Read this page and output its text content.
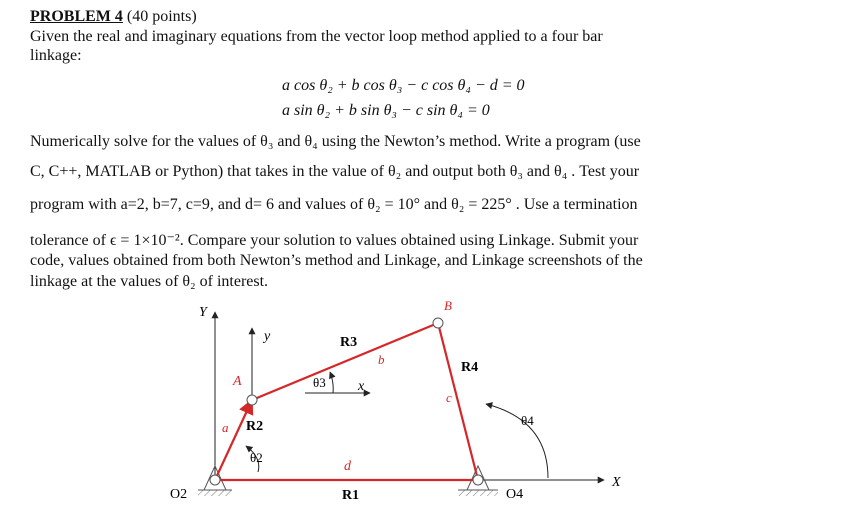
PROBLEM 4 (40 points)
Given the real and imaginary equations from the vector loop method applied to a four bar
linkage:
a cos θ₂ + b cos θ₃ − c cos θ₄ − d = 0
a sin θ₂ + b sin θ₃ − c sin θ₄ = 0
Numerically solve for the values of θ₃ and θ₄ using the Newton’s method. Write a program (use
C, C++, MATLAB or Python) that takes in the value of θ₂ and output both θ₃ and θ₄ . Test your
program with a=2, b=7, c=9, and d= 6 and values of θ₂ = 10° and θ₂ = 225° . Use a termination
tolerance of ϵ = 1×10⁻². Compare your solution to values obtained using Linkage. Submit your
code, values obtained from both Newton’s method and Linkage, and Linkage screenshots of the
linkage at the values of θ₂ of interest.
Y
X
y
x
A
B
a
b
c
d
R1
R2
R3
R4
O2	O4
θ2
θ3
θ4
